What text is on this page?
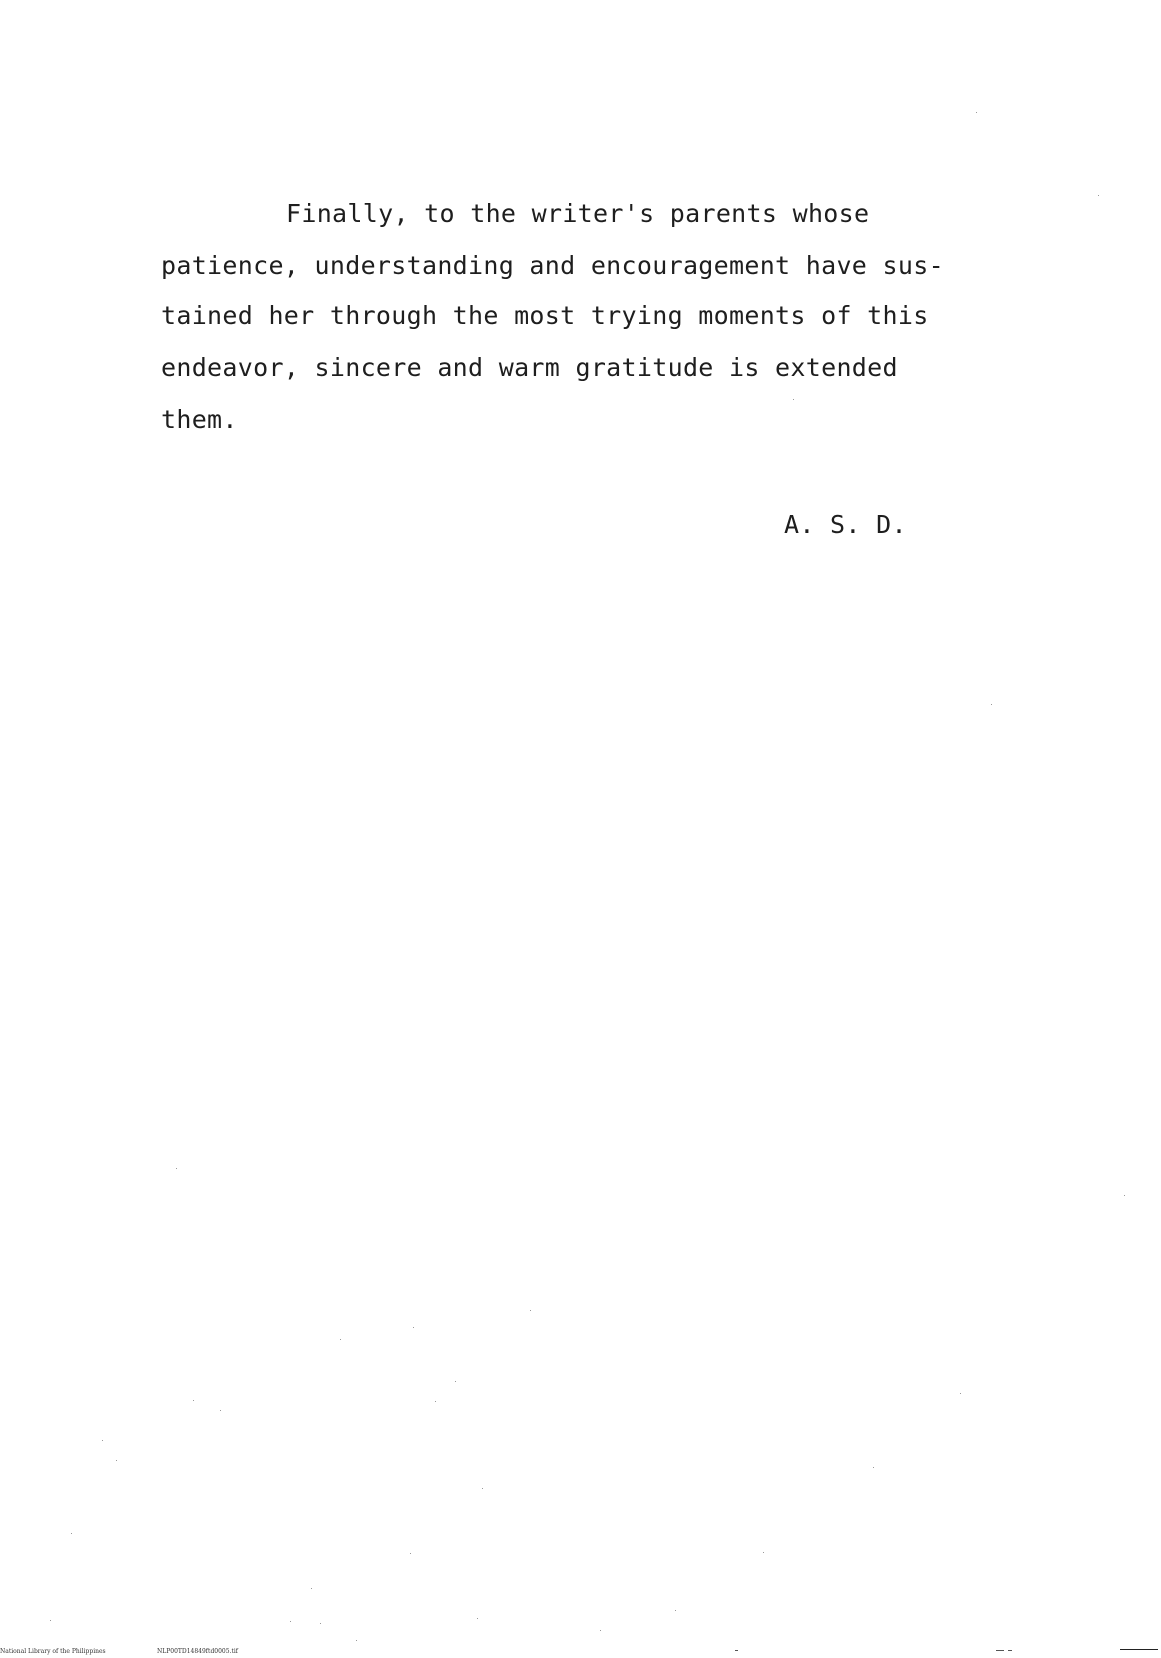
Finally, to the writer's parents whose
patience, understanding and encouragement have sus-
tained her through the most trying moments of this
endeavor, sincere and warm gratitude is extended
them.
A. S. D.
National Library of the Philippines	NLP00TD14849ftd0005.tif
